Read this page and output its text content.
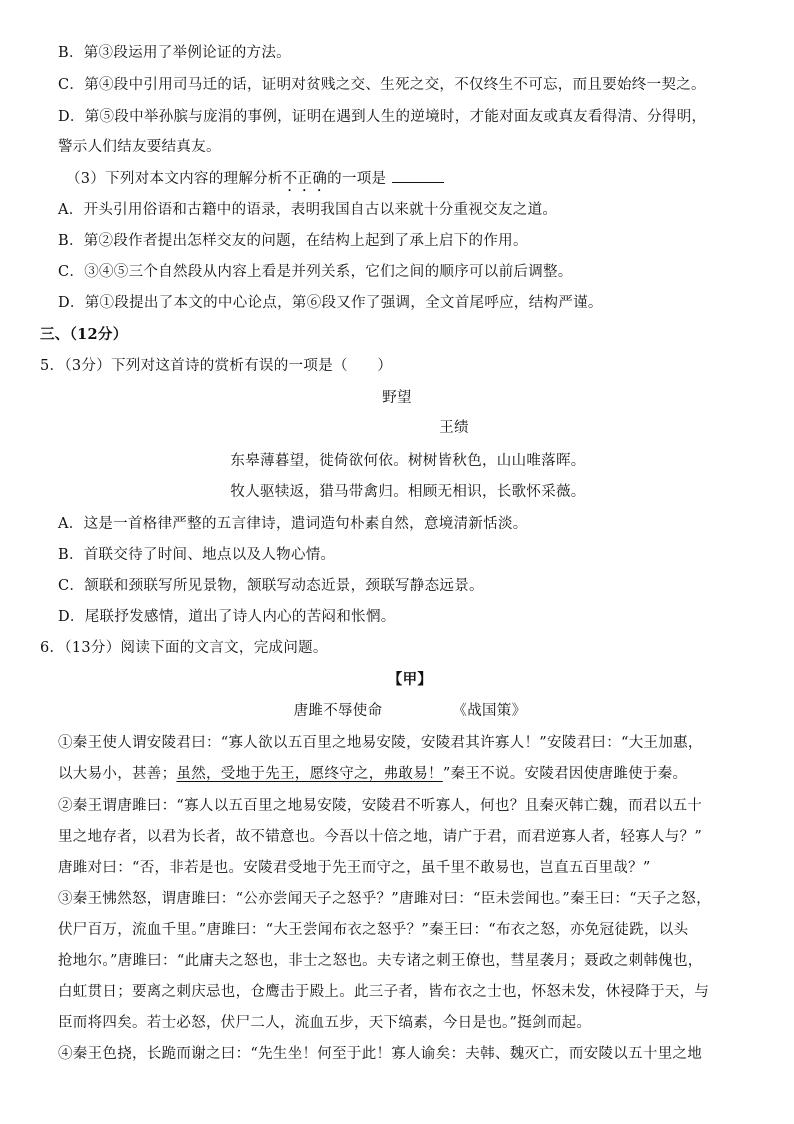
B．第③段运用了举例论证的方法。
C．第④段中引用司马迁的话，证明对贫贱之交、生死之交，不仅终生不可忘，而且要始终一契之。
D．第⑤段中举孙膑与庞涓的事例，证明在遇到人生的逆境时，才能对面友或真友看得清、分得明，
警示人们结友要结真友。
（3）下列对本文内容的理解分析不正确的一项是
A．开头引用俗语和古籍中的语录，表明我国自古以来就十分重视交友之道。
B．第②段作者提出怎样交友的问题，在结构上起到了承上启下的作用。
C．③④⑤三个自然段从内容上看是并列关系，它们之间的顺序可以前后调整。
D．第①段提出了本文的中心论点，第⑥段又作了强调，全文首尾呼应，结构严谨。
三、（12分）
5．（3分）下列对这首诗的赏析有误的一项是（　　）
野望
王绩
东皋薄暮望，徙倚欲何依。树树皆秋色，山山唯落晖。
牧人驱犊返，猎马带禽归。相顾无相识，长歌怀采薇。
A．这是一首格律严整的五言律诗，遣词造句朴素自然，意境清新恬淡。
B．首联交待了时间、地点以及人物心情。
C．颔联和颈联写所见景物，颔联写动态近景，颈联写静态远景。
D．尾联抒发感情，道出了诗人内心的苦闷和怅惘。
6．（13分）阅读下面的文言文，完成问题。
【甲】
唐雎不辱使命	《战国策》
①秦王使人谓安陵君曰：“寡人欲以五百里之地易安陵，安陵君其许寡人！”安陵君曰：“大王加惠，
以大易小，甚善；虽然，受地于先王，愿终守之，弗敢易！”秦王不说。安陵君因使唐雎使于秦。
②秦王谓唐雎曰：“寡人以五百里之地易安陵，安陵君不听寡人，何也？且秦灭韩亡魏，而君以五十
里之地存者，以君为长者，故不错意也。今吾以十倍之地，请广于君，而君逆寡人者，轻寡人与？”
唐雎对曰：“否，非若是也。安陵君受地于先王而守之，虽千里不敢易也，岂直五百里哉？”
③秦王怫然怒，谓唐雎曰：“公亦尝闻天子之怒乎？”唐雎对曰：“臣未尝闻也。”秦王曰：“天子之怒，
伏尸百万，流血千里。”唐雎曰：“大王尝闻布衣之怒乎？”秦王曰：“布衣之怒，亦免冠徒跣，以头
抢地尔。”唐雎曰：“此庸夫之怒也，非士之怒也。夫专诸之刺王僚也，彗星袭月；聂政之刺韩傀也，
白虹贯日；要离之刺庆忌也，仓鹰击于殿上。此三子者，皆布衣之士也，怀怒未发，休祲降于天，与
臣而将四矣。若士必怒，伏尸二人，流血五步，天下缟素，今日是也。”挺剑而起。
④秦王色挠，长跪而谢之曰：“先生坐！何至于此！寡人谕矣：夫韩、魏灭亡，而安陵以五十里之地
